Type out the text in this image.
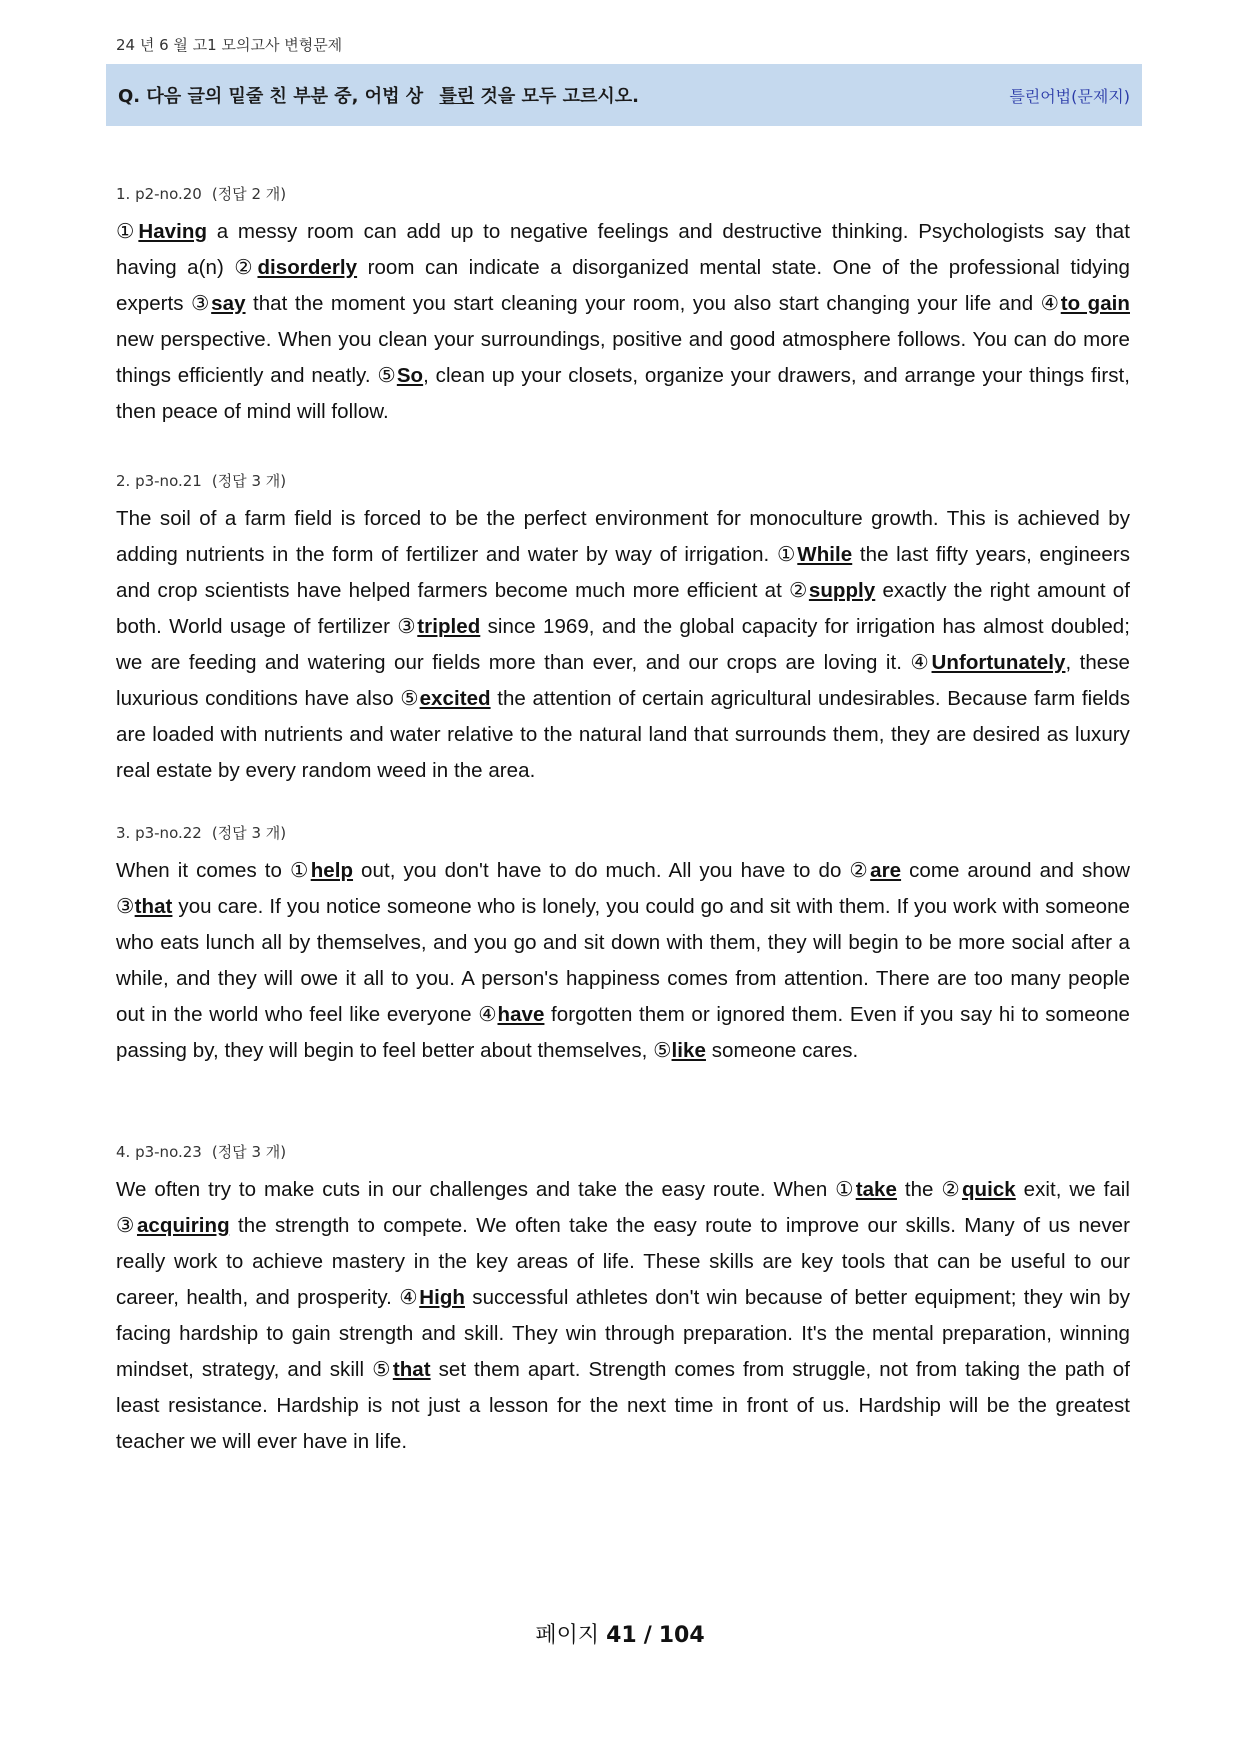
24 년 6 월 고1 모의고사 변형문제
Q. 다음 글의 밑줄 친 부분 중, 어법 상 틀린 것을 모두 고르시오.	틀린어법(문제지)
1. p2-no.20 (정답 2 개)

①Having a messy room can add up to negative feelings and destructive thinking. Psychologists say that having a(n) ②disorderly room can indicate a disorganized mental state. One of the professional tidying experts ③say that the moment you start cleaning your room, you also start changing your life and ④to gain new perspective. When you clean your surroundings, positive and good atmosphere follows. You can do more things efficiently and neatly. ⑤So, clean up your closets, organize your drawers, and arrange your things first, then peace of mind will follow.

2. p3-no.21 (정답 3 개)

The soil of a farm field is forced to be the perfect environment for monoculture growth. This is achieved by adding nutrients in the form of fertilizer and water by way of irrigation. ①While the last fifty years, engineers and crop scientists have helped farmers become much more efficient at ②supply exactly the right amount of both. World usage of fertilizer ③tripled since 1969, and the global capacity for irrigation has almost doubled; we are feeding and watering our fields more than ever, and our crops are loving it. ④Unfortunately, these luxurious conditions have also ⑤excited the attention of certain agricultural undesirables. Because farm fields are loaded with nutrients and water relative to the natural land that surrounds them, they are desired as luxury real estate by every random weed in the area.

3. p3-no.22 (정답 3 개)

When it comes to ①help out, you don't have to do much. All you have to do ②are come around and show ③that you care. If you notice someone who is lonely, you could go and sit with them. If you work with someone who eats lunch all by themselves, and you go and sit down with them, they will begin to be more social after a while, and they will owe it all to you. A person's happiness comes from attention. There are too many people out in the world who feel like everyone ④have forgotten them or ignored them. Even if you say hi to someone passing by, they will begin to feel better about themselves, ⑤like someone cares.

4. p3-no.23 (정답 3 개)

We often try to make cuts in our challenges and take the easy route. When ①take the ②quick exit, we fail ③acquiring the strength to compete. We often take the easy route to improve our skills. Many of us never really work to achieve mastery in the key areas of life. These skills are key tools that can be useful to our career, health, and prosperity. ④High successful athletes don't win because of better equipment; they win by facing hardship to gain strength and skill. They win through preparation. It's the mental preparation, winning mindset, strategy, and skill ⑤that set them apart. Strength comes from struggle, not from taking the path of least resistance. Hardship is not just a lesson for the next time in front of us. Hardship will be the greatest teacher we will ever have in life.

페이지 41 / 104
